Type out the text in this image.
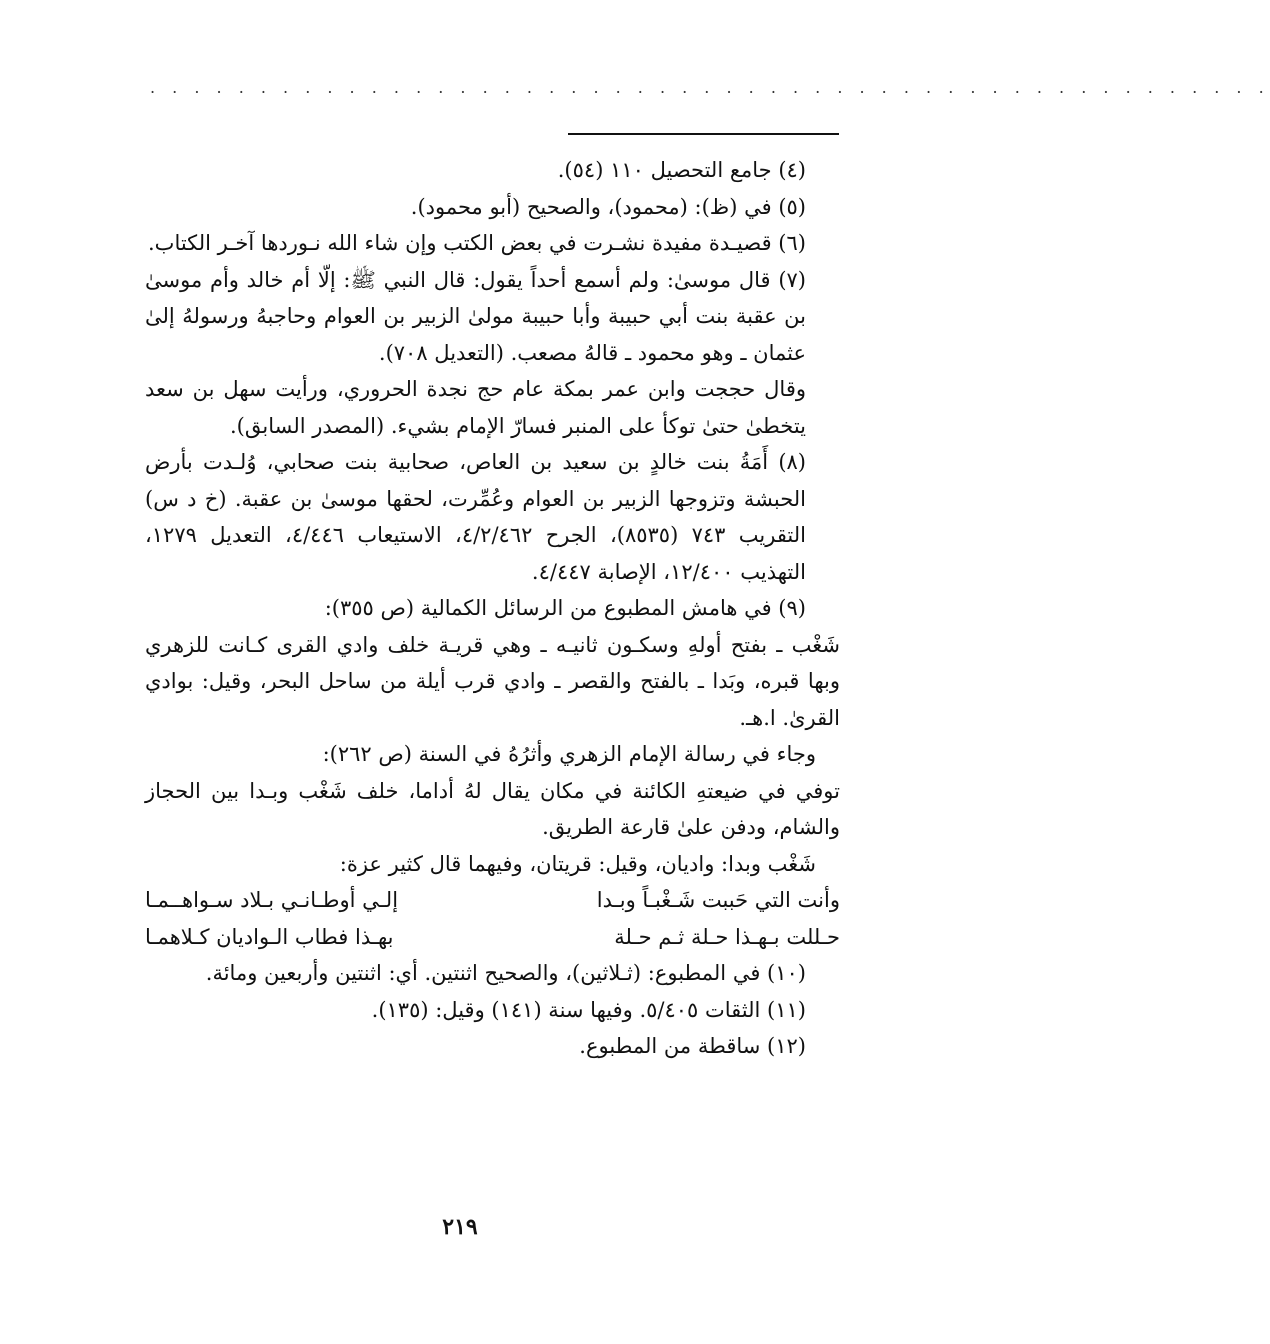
. . . . . . . . . . . . . . . . . . . . . . . . . . . . . . . . . . . . . . . . . . . . . . . . . . .

(٤) جامع التحصيل ١١٠ (٥٤).

(٥) في (ظ): (محمود)، والصحيح (أبو محمود).

(٦) قصيـدة مفيدة نشـرت في بعض الكتب وإن شاء الله نـوردها آخـر الكتاب.

(٧) قال موسىٰ: ولم أسمع أحداً يقول: قال النبي ﷺ: إلّا أم خالد وأم موسىٰ بن عقبة بنت أبي حبيبة وأبا حبيبة مولىٰ الزبير بن العوام وحاجبهُ ورسولهُ إلىٰ عثمان ـ وهو محمود ـ قالهُ مصعب. (التعديل ٧٠٨).

وقال حججت وابن عمر بمكة عام حج نجدة الحروري، ورأيت سهل بن سعد يتخطىٰ حتىٰ توكأ على المنبر فسارّ الإمام بشيء. (المصدر السابق).

(٨) أَمَةُ بنت خالدٍ بن سعيد بن العاص، صحابية بنت صحابي، وُلـدت بأرض الحبشة وتزوجها الزبير بن العوام وعُمِّرت، لحقها موسىٰ بن عقبة. (خ د س) التقريب ٧٤٣ (٨٥٣٥)، الجرح ٤/٢/٤٦٢، الاستيعاب ٤/٤٤٦، التعديل ١٢٧٩، التهذيب ١٢/٤٠٠، الإصابة ٤/٤٤٧.

(٩) في هامش المطبوع من الرسائل الكمالية (ص ٣٥٥):

شَغْب ـ بفتح أولهِ وسكـون ثانيـه ـ وهي قريـة خلف وادي القرى كـانت للزهري وبها قبره، وبَدا ـ بالفتح والقصر ـ وادي قرب أيلة من ساحل البحر، وقيل: بوادي القرىٰ. ا.هـ.

وجاء في رسالة الإمام الزهري وأثرُهُ في السنة (ص ٢٦٢):

توفي في ضيعتهِ الكائنة في مكان يقال لهُ أداما، خلف شَغْب وبـدا بين الحجاز والشام، ودفن علىٰ قارعة الطريق.

شَغْب وبدا: واديان، وقيل: قريتان، وفيهما قال كثير عزة:

وأنت التي حَببت شَـغْبـاً وبـدا
إلـي أوطـانـي بـلاد سـواهــمـا
حـللت بـهـذا حـلة ثـم حـلة
بهـذا فطاب الـواديان كـلاهمـا

(١٠) في المطبوع: (ثـلاثين)، والصحيح اثنتين. أي: اثنتين وأربعين ومائة.

(١١) الثقات ٥/٤٠٥. وفيها سنة (١٤١) وقيل: (١٣٥).

(١٢) ساقطة من المطبوع.

٢١٩
